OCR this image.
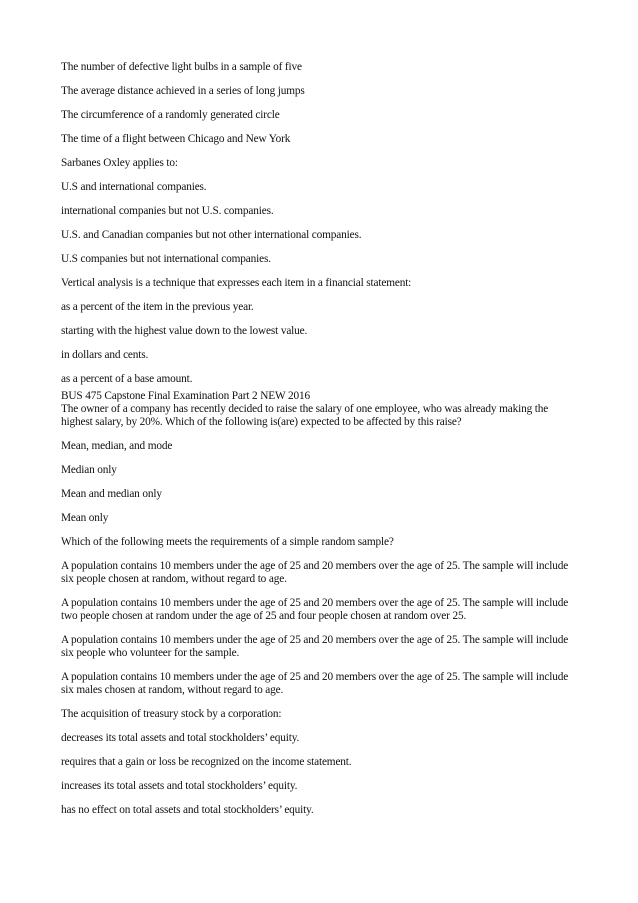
The number of defective light bulbs in a sample of five

The average distance achieved in a series of long jumps

The circumference of a randomly generated circle

The time of a flight between Chicago and New York

Sarbanes Oxley applies to:

U.S and international companies.

international companies but not U.S. companies.

U.S. and Canadian companies but not other international companies.

U.S companies but not international companies.

Vertical analysis is a technique that expresses each item in a financial statement:

as a percent of the item in the previous year.

starting with the highest value down to the lowest value.

in dollars and cents.

as a percent of a base amount.

BUS 475 Capstone Final Examination Part 2 NEW 2016

The owner of a company has recently decided to raise the salary of one employee, who was already making the highest salary, by 20%. Which of the following is(are) expected to be affected by this raise?

Mean, median, and mode

Median only

Mean and median only

Mean only

Which of the following meets the requirements of a simple random sample?

A population contains 10 members under the age of 25 and 20 members over the age of 25. The sample will include six people chosen at random, without regard to age.

A population contains 10 members under the age of 25 and 20 members over the age of 25. The sample will include two people chosen at random under the age of 25 and four people chosen at random over 25.

A population contains 10 members under the age of 25 and 20 members over the age of 25. The sample will include six people who volunteer for the sample.

A population contains 10 members under the age of 25 and 20 members over the age of 25. The sample will include six males chosen at random, without regard to age.

The acquisition of treasury stock by a corporation:

decreases its total assets and total stockholders’ equity.

requires that a gain or loss be recognized on the income statement.

increases its total assets and total stockholders’ equity.

has no effect on total assets and total stockholders’ equity.
